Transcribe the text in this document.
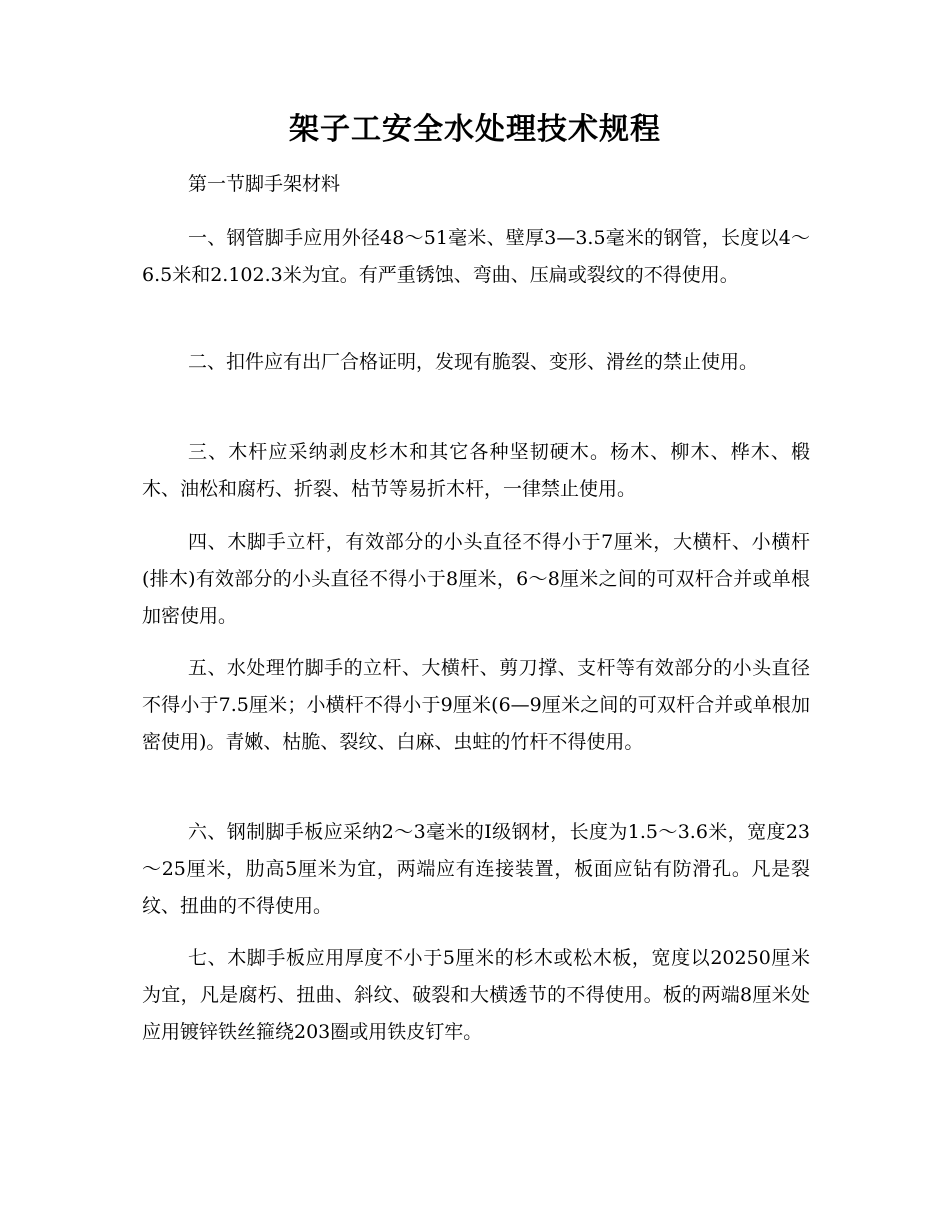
架子工安全水处理技术规程
第一节脚手架材料

一、钢管脚手应用外径48～51毫米、壁厚3—3.5毫米的钢管，长度以4～6.5米和2.102.3米为宜。有严重锈蚀、弯曲、压扁或裂纹的不得使用。

二、扣件应有出厂合格证明，发现有脆裂、变形、滑丝的禁止使用。

三、木杆应采纳剥皮杉木和其它各种坚韧硬木。杨木、柳木、桦木、椴木、油松和腐朽、折裂、枯节等易折木杆，一律禁止使用。

四、木脚手立杆，有效部分的小头直径不得小于7厘米，大横杆、小横杆(排木)有效部分的小头直径不得小于8厘米，6～8厘米之间的可双杆合并或单根加密使用。

五、水处理竹脚手的立杆、大横杆、剪刀撑、支杆等有效部分的小头直径不得小于7.5厘米；小横杆不得小于9厘米(6—9厘米之间的可双杆合并或单根加密使用)。青嫩、枯脆、裂纹、白麻、虫蛀的竹杆不得使用。

六、钢制脚手板应采纳2～3毫米的I级钢材，长度为1.5～3.6米，宽度23～25厘米，肋高5厘米为宜，两端应有连接装置，板面应钻有防滑孔。凡是裂纹、扭曲的不得使用。

七、木脚手板应用厚度不小于5厘米的杉木或松木板，宽度以20250厘米为宜，凡是腐朽、扭曲、斜纹、破裂和大横透节的不得使用。板的两端8厘米处应用镀锌铁丝箍绕203圈或用铁皮钉牢。
